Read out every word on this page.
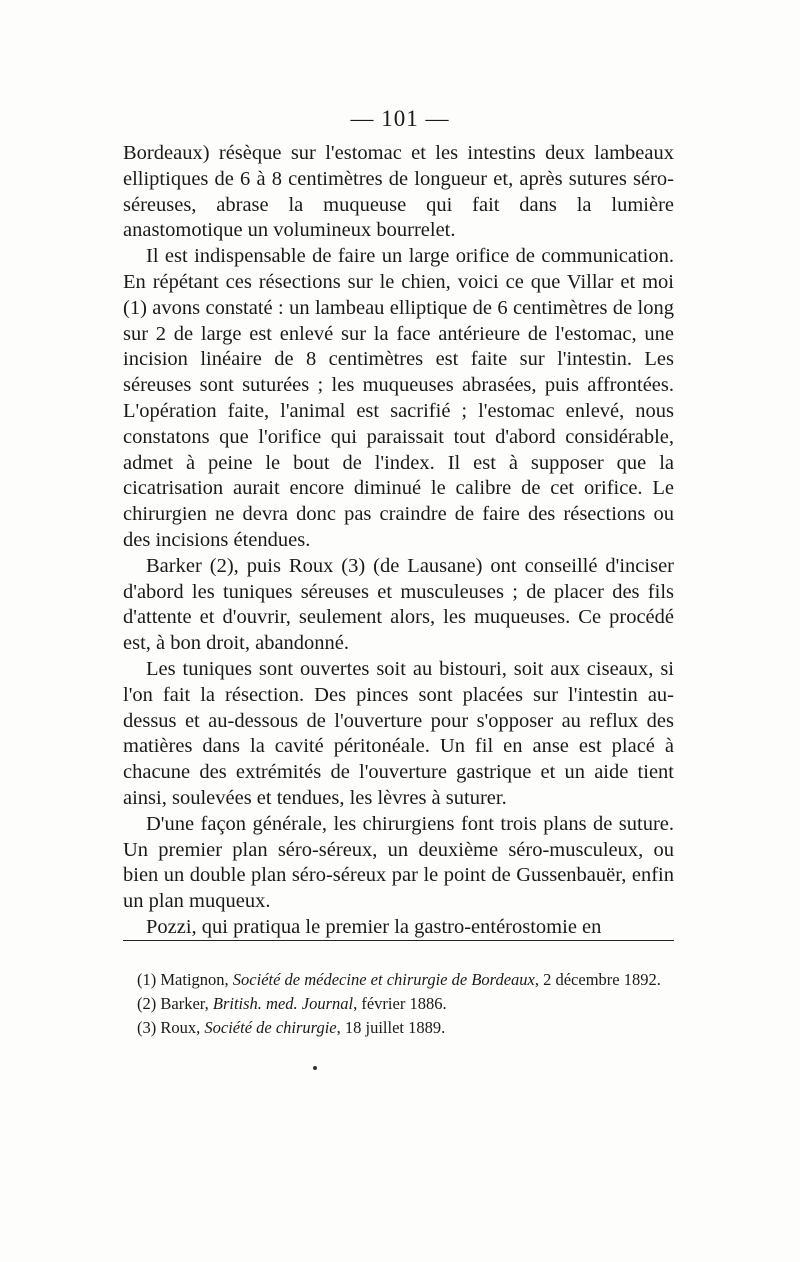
— 101 —

Bordeaux) résèque sur l'estomac et les intestins deux lambeaux elliptiques de 6 à 8 centimètres de longueur et, après sutures séro-séreuses, abrase la muqueuse qui fait dans la lumière anastomotique un volumineux bourrelet.

Il est indispensable de faire un large orifice de communication. En répétant ces résections sur le chien, voici ce que Villar et moi (1) avons constaté : un lambeau elliptique de 6 centimètres de long sur 2 de large est enlevé sur la face antérieure de l'estomac, une incision linéaire de 8 centimètres est faite sur l'intestin. Les séreuses sont suturées ; les muqueuses abrasées, puis affrontées. L'opération faite, l'animal est sacrifié ; l'estomac enlevé, nous constatons que l'orifice qui paraissait tout d'abord considérable, admet à peine le bout de l'index. Il est à supposer que la cicatrisation aurait encore diminué le calibre de cet orifice. Le chirurgien ne devra donc pas craindre de faire des résections ou des incisions étendues.

Barker (2), puis Roux (3) (de Lausane) ont conseillé d'inciser d'abord les tuniques séreuses et musculeuses ; de placer des fils d'attente et d'ouvrir, seulement alors, les muqueuses. Ce procédé est, à bon droit, abandonné.

Les tuniques sont ouvertes soit au bistouri, soit aux ciseaux, si l'on fait la résection. Des pinces sont placées sur l'intestin au-dessus et au-dessous de l'ouverture pour s'opposer au reflux des matières dans la cavité péritonéale. Un fil en anse est placé à chacune des extrémités de l'ouverture gastrique et un aide tient ainsi, soulevées et tendues, les lèvres à suturer.

D'une façon générale, les chirurgiens font trois plans de suture. Un premier plan séro-séreux, un deuxième séro-musculeux, ou bien un double plan séro-séreux par le point de Gussenbauër, enfin un plan muqueux.

Pozzi, qui pratiqua le premier la gastro-entérostomie en

(1) Matignon, Société de médecine et chirurgie de Bordeaux, 2 décembre 1892.

(2) Barker, British. med. Journal, février 1886.

(3) Roux, Société de chirurgie, 18 juillet 1889.
